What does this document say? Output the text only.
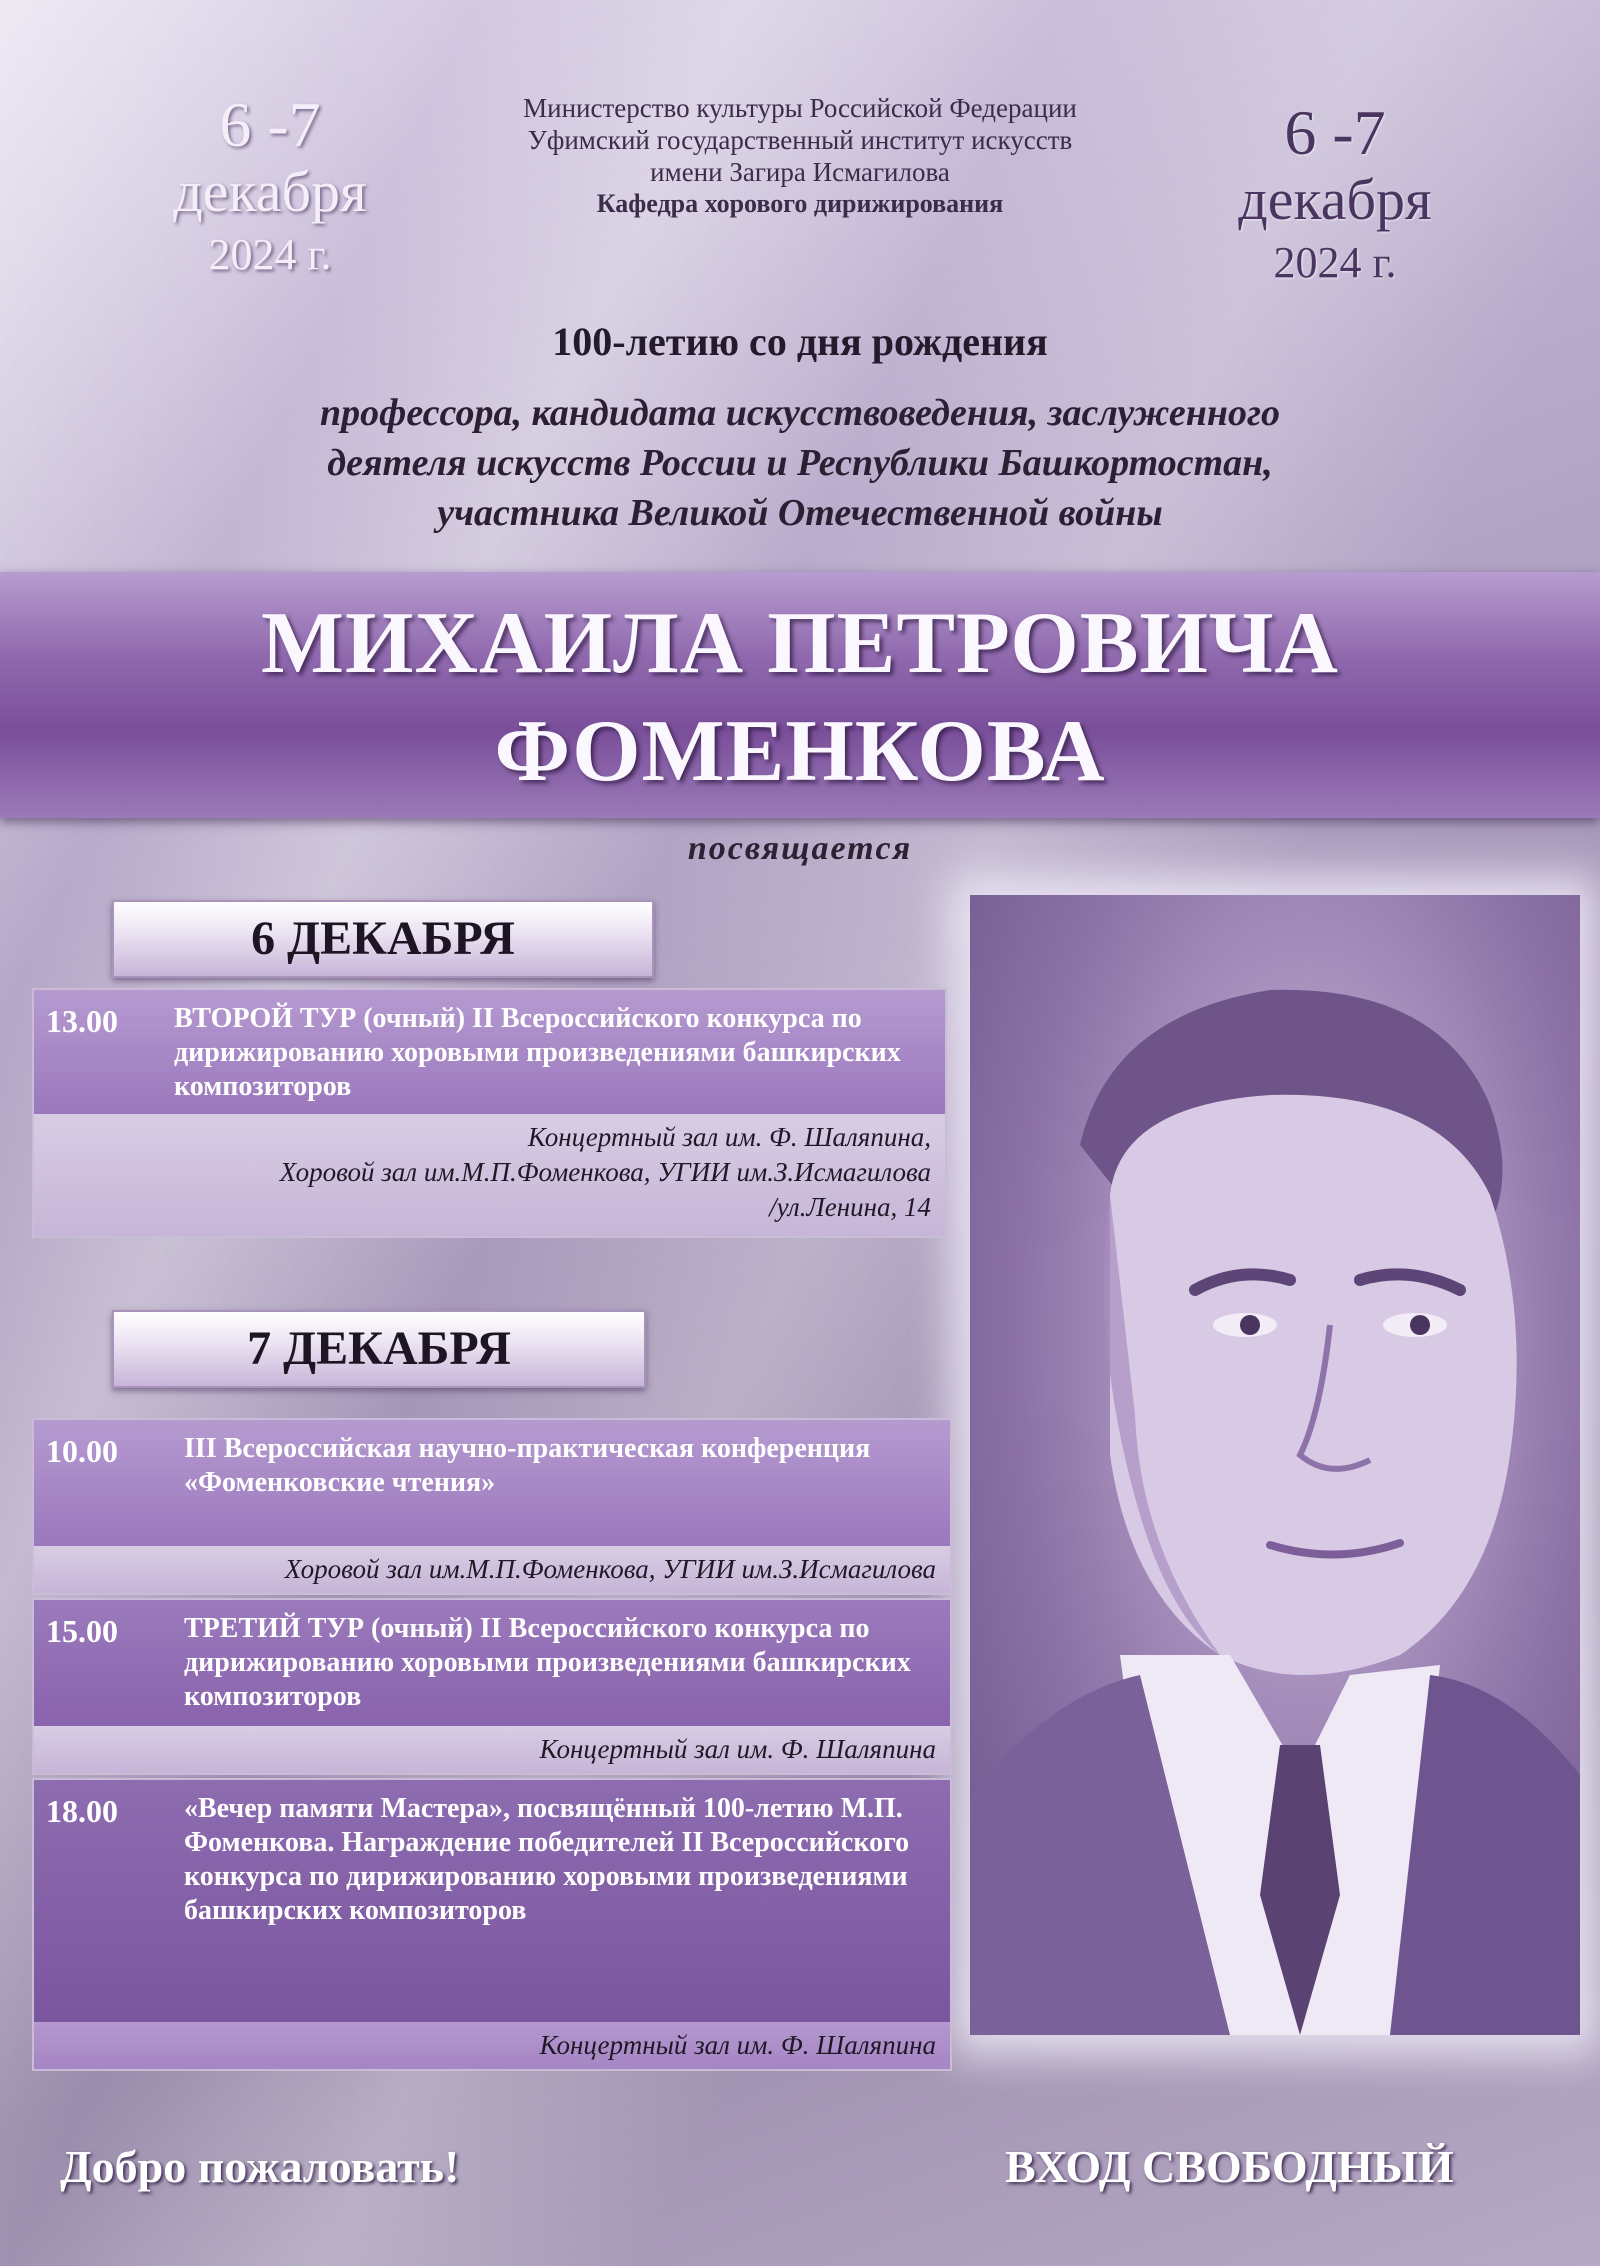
6 -7
декабря
2024 г.
6 -7
декабря
2024 г.
Министерство культуры Российской Федерации
Уфимский государственный институт искусств
имени Загира Исмагилова
Кафедра хорового дирижирования
100-летию со дня рождения
профессора, кандидата искусствоведения, заслуженного
деятеля искусств России и Республики Башкортостан,
участника Великой Отечественной войны
МИХАИЛА ПЕТРОВИЧА
ФОМЕНКОВА
посвящается
6 ДЕКАБРЯ
13.00	ВТОРОЙ ТУР (очный) II Всероссийского конкурса по дирижированию хоровыми произведениями башкирских композиторов
Концертный зал им. Ф. Шаляпина,
Хоровой зал им.М.П.Фоменкова, УГИИ им.З.Исмагилова
/ул.Ленина, 14
7 ДЕКАБРЯ
10.00	III Всероссийская научно-практическая конференция «Фоменковские чтения»
Хоровой зал им.М.П.Фоменкова, УГИИ им.З.Исмагилова
15.00	ТРЕТИЙ ТУР (очный) II Всероссийского конкурса по дирижированию хоровыми произведениями башкирских композиторов
Концертный зал им. Ф. Шаляпина
18.00	«Вечер памяти Мастера», посвящённый 100-летию М.П. Фоменкова. Награждение победителей II Всероссийского конкурса по дирижированию хоровыми произведениями башкирских композиторов
Концертный зал им. Ф. Шаляпина
Добро пожаловать!	ВХОД СВОБОДНЫЙ
